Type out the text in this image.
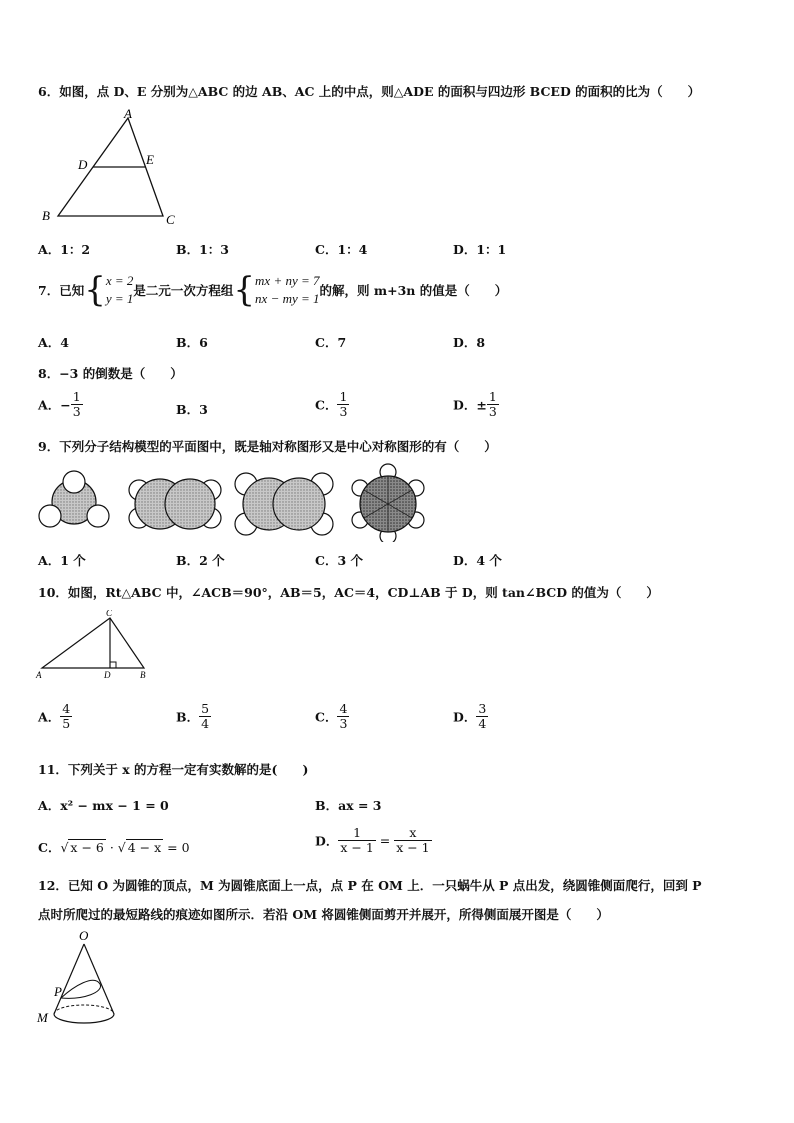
6．如图，点 D、E 分别为△ABC 的边 AB、AC 上的中点，则△ADE 的面积与四边形 BCED 的面积的比为（　　）
A
D	E
B	C
A．1：2	B．1：3	C．1：4	D．1：1
7．已知{ x = 2
y = 1
是二元一次方程组{ mx + ny = 7
nx − my = 1
的解，则 m+3n 的值是（　　）
A．4	B．6	C．7	D．8
8．−3 的倒数是（　　）
A．− $\frac{1}{3}$	B．3	C． $\frac{1}{3}$	D．± $\frac{1}{3}$
9．下列分子结构模型的平面图中，既是轴对称图形又是中心对称图形的有（　　）
A．1 个	B．2 个	C．3 个	D．4 个
10．如图，Rt△ABC 中，∠ACB＝90°，AB＝5，AC＝4，CD⊥AB 于 D，则 tan∠BCD 的值为（　　）
C
A	D	B
A． $\frac{4}{5}$	B． $\frac{5}{4}$	C． $\frac{4}{3}$	D． $\frac{3}{4}$
11．下列关于 x 的方程一定有实数解的是(　　)
A．x² − mx − 1 = 0	B．ax = 3
C．√ x − 6 · √ 4 − x = 0	D． $\frac{1}{x - 1} = \frac{x}{x - 1}$
12．已知 O 为圆锥的顶点，M 为圆锥底面上一点，点 P 在 OM 上．一只蜗牛从 P 点出发，绕圆锥侧面爬行，回到 P
点时所爬过的最短路线的痕迹如图所示．若沿 OM 将圆锥侧面剪开并展开，所得侧面展开图是（　　）
O
P
M
